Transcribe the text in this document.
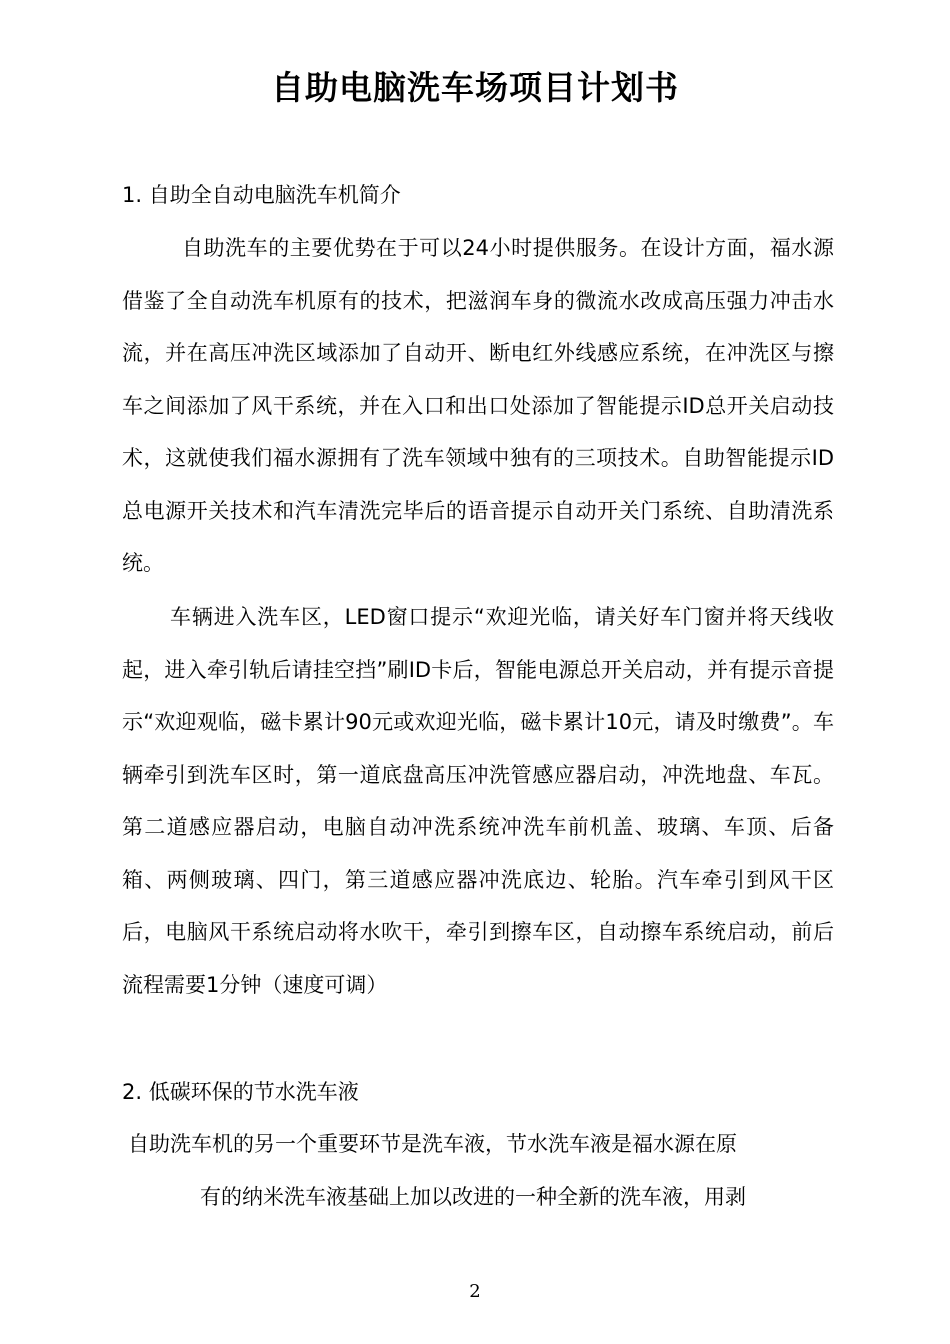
自助电脑洗车场项目计划书

1. 自助全自动电脑洗车机简介

自助洗车的主要优势在于可以24小时提供服务。在设计方面，福水源借鉴了全自动洗车机原有的技术，把滋润车身的微流水改成高压强力冲击水流，并在高压冲洗区域添加了自动开、断电红外线感应系统，在冲洗区与擦车之间添加了风干系统，并在入口和出口处添加了智能提示ID总开关启动技术，这就使我们福水源拥有了洗车领域中独有的三项技术。自助智能提示ID总电源开关技术和汽车清洗完毕后的语音提示自动开关门系统、自助清洗系统。

车辆进入洗车区，LED窗口提示“欢迎光临，请关好车门窗并将天线收起，进入牵引轨后请挂空挡”刷ID卡后，智能电源总开关启动，并有提示音提示“欢迎观临，磁卡累计90元或欢迎光临，磁卡累计10元，请及时缴费”。车辆牵引到洗车区时，第一道底盘高压冲洗管感应器启动，冲洗地盘、车瓦。第二道感应器启动，电脑自动冲洗系统冲洗车前机盖、玻璃、车顶、后备箱、两侧玻璃、四门，第三道感应器冲洗底边、轮胎。汽车牵引到风干区后，电脑风干系统启动将水吹干，牵引到擦车区，自动擦车系统启动，前后流程需要1分钟（速度可调）

2. 低碳环保的节水洗车液

自助洗车机的另一个重要环节是洗车液，节水洗车液是福水源在原
有的纳米洗车液基础上加以改进的一种全新的洗车液，用剥

2
